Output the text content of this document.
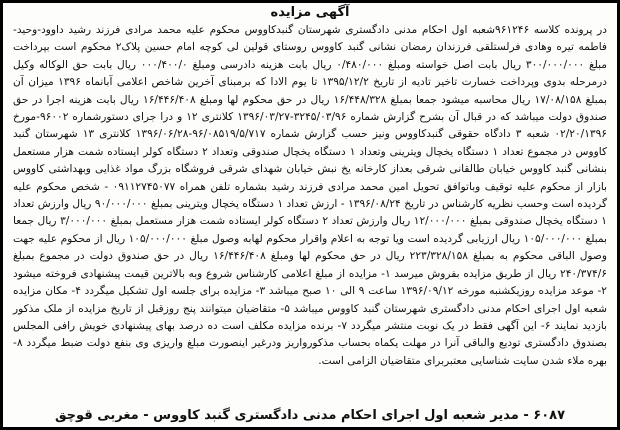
آگهی مزایده

در پرونده کلاسه ۹۶۱۲۴۶شعبه اول احکام مدنی دادگستری شهرستان گنبدکاووس محکوم علیه محمد مرادی فرزند رشید داوود-وحید-فاطمه تیره وهادی فرلستلقی فرزندان رمضان نشانی گنبد کاووس روستای قولین لی کوچه امام حسین پلاک۲ محکوم است بپرداخت مبلغ ۳۰۰/۰۰۰/۰۰۰ ریال بابت اصل خواسته ومبلغ ۰/۴۸۰/۰۰۰ ریال بابت هزینه دادرسی ومبلغ ۰۰۰/۴۰۰/۰ ریال بابت حق الوکاله وکیل درمرحله بدوی وپرداخت خسارت تاخیر تادیه از تاریخ ۱۳۹۵/۱۲/۲ تا یوم الادا که برمبنای آخرین شاخص اعلامی آبانماه ۱۳۹۶ میزان آن بمبلغ ۱۷/۰۸/۱۵۸ ریال محاسبه میشود جمعا بمبلغ ۱۶/۴۴۸/۳۲۸ ریال در حق محکوم لها ومبلغ ۱۶/۴۴۶/۴۰۸ ریال بابت هزینه اجرا در حق صندوق دولت میباشد که در قبال آن بشرح گزارش شماره ۳۲۴۵/۰۳/۹۶-۱۳۹۶/۰۳/۲۷ کلانتری ۱۲ و درا جرای دستورشماره ۹۶۰۰۲-مورخ ۰۲/۲۰/۱۳۹۶ شعبه ۳ دادگاه حقوقی گنبدکاووس ونیز حسب گزارش شماره ۹۶/۰۸۵۱۹/۵/۷۱۷-۱۳۹۶/۰۶/۲۸ کلانتری ۱۳ شهرستان گنبد کاووس در مجموع تعداد ۱ دستگاه یخچال ویترینی وتعداد ۱ دستگاه یخچال صندوقی وتعداد ۲ دستگاه کولر ایستاده شمت هزار مستعمل بنشانی گنبد کاووس خیابان طالقانی شرقی بعداز کارخانه یخ نبش خیابان شهدای شرقی فروشگاه بزرگ مواد غذایی وبهداشتی کاووس بازار از محکوم علیه توقیف وباتوافق تحویل امین محمد مرادی فرزند رشید بشماره تلفن همراه ۰۹۱۱۲۷۴۵۰۷۷ - شخص محکوم علیه گردیده است وحسب نظریه کارشناس در تاریخ ۱۳۹۶/۰۸/۲۴ - ارزش تعداد ۱ دستگاه یخچال ویترینی بمبلغ ۹۰/۰۰۰/۰۰۰ ریال وارزش تعداد ۱ دستگاه یخچال صندوقی بمبلغ ۱۲/۰۰۰/۰۰۰ ریال وارزش تعداد ۲ دستگاه کولر ایستاده شمت هزار مستعمل بمبلغ ۳/۰۰۰/۰۰۰ ریال جمعا بمبلغ ۱۰۵/۰۰۰/۰۰۰ ریال ارزیابی گردیده است ویا توجه به اعلام واقرار محکوم لهابه وصول مبلغ ۱۰۵/۰۰۰/۰۰۰ ریال از محکوم علیه جهت وصول الباقی محکوم به بمبلغ ۲۲۳/۳۲۸/۱۵۸ ریال در حق محکوم لها ومبلغ ۱۶/۴۴۶/۴۰۸ ریال در حق صندوق دولت در مجموع بمبلغ ۲۴۰/۳۷۴/۶ ریال از طریق مزایده بفروش میرسد ۱- مزایده از مبلغ اعلامی کارشناس شروع وبه بالاترین قیمت پیشنهادی فروخته میشود ۲- موعد مزایده روزیکشنبه مورخه ۱۳۹۶/۰۹/۱۲ ساعت ۹ الی ۱۰ صبح میباشد ۳- مزایده برای جلسه اول تشکیل میگردد ۴- مکان مزایده شعبه اول اجرای احکام مدنی دادگستری شهرستان گنبد کاووس میباشد ۵- متقاضیان میتوانند پنج روزقبل از تاریخ مزایده از ملک مذکور بازدید نمایند ۶- این آگهی فقط در یک نوبت منتشر میگردد ۷- برنده مزایده مکلف است ده درصد بهای پیشنهادی خویش رافی المجلس بصندوق دادگستری تودیع والباقی آنرا در مهلت یکماه بحساب مذکورواریز ودرغیر اینصورت مبلغ واریزی وی بنفع دولت ضبط میگردد ۸- بهره ملاء شدن سایت شناسایی معتبربرای متقاضیان الزامی است.

۶۰۸۷ - مدیر شعبه اول اجرای احکام مدنی دادگستری گنبد کاووس - مغربی قوچق
